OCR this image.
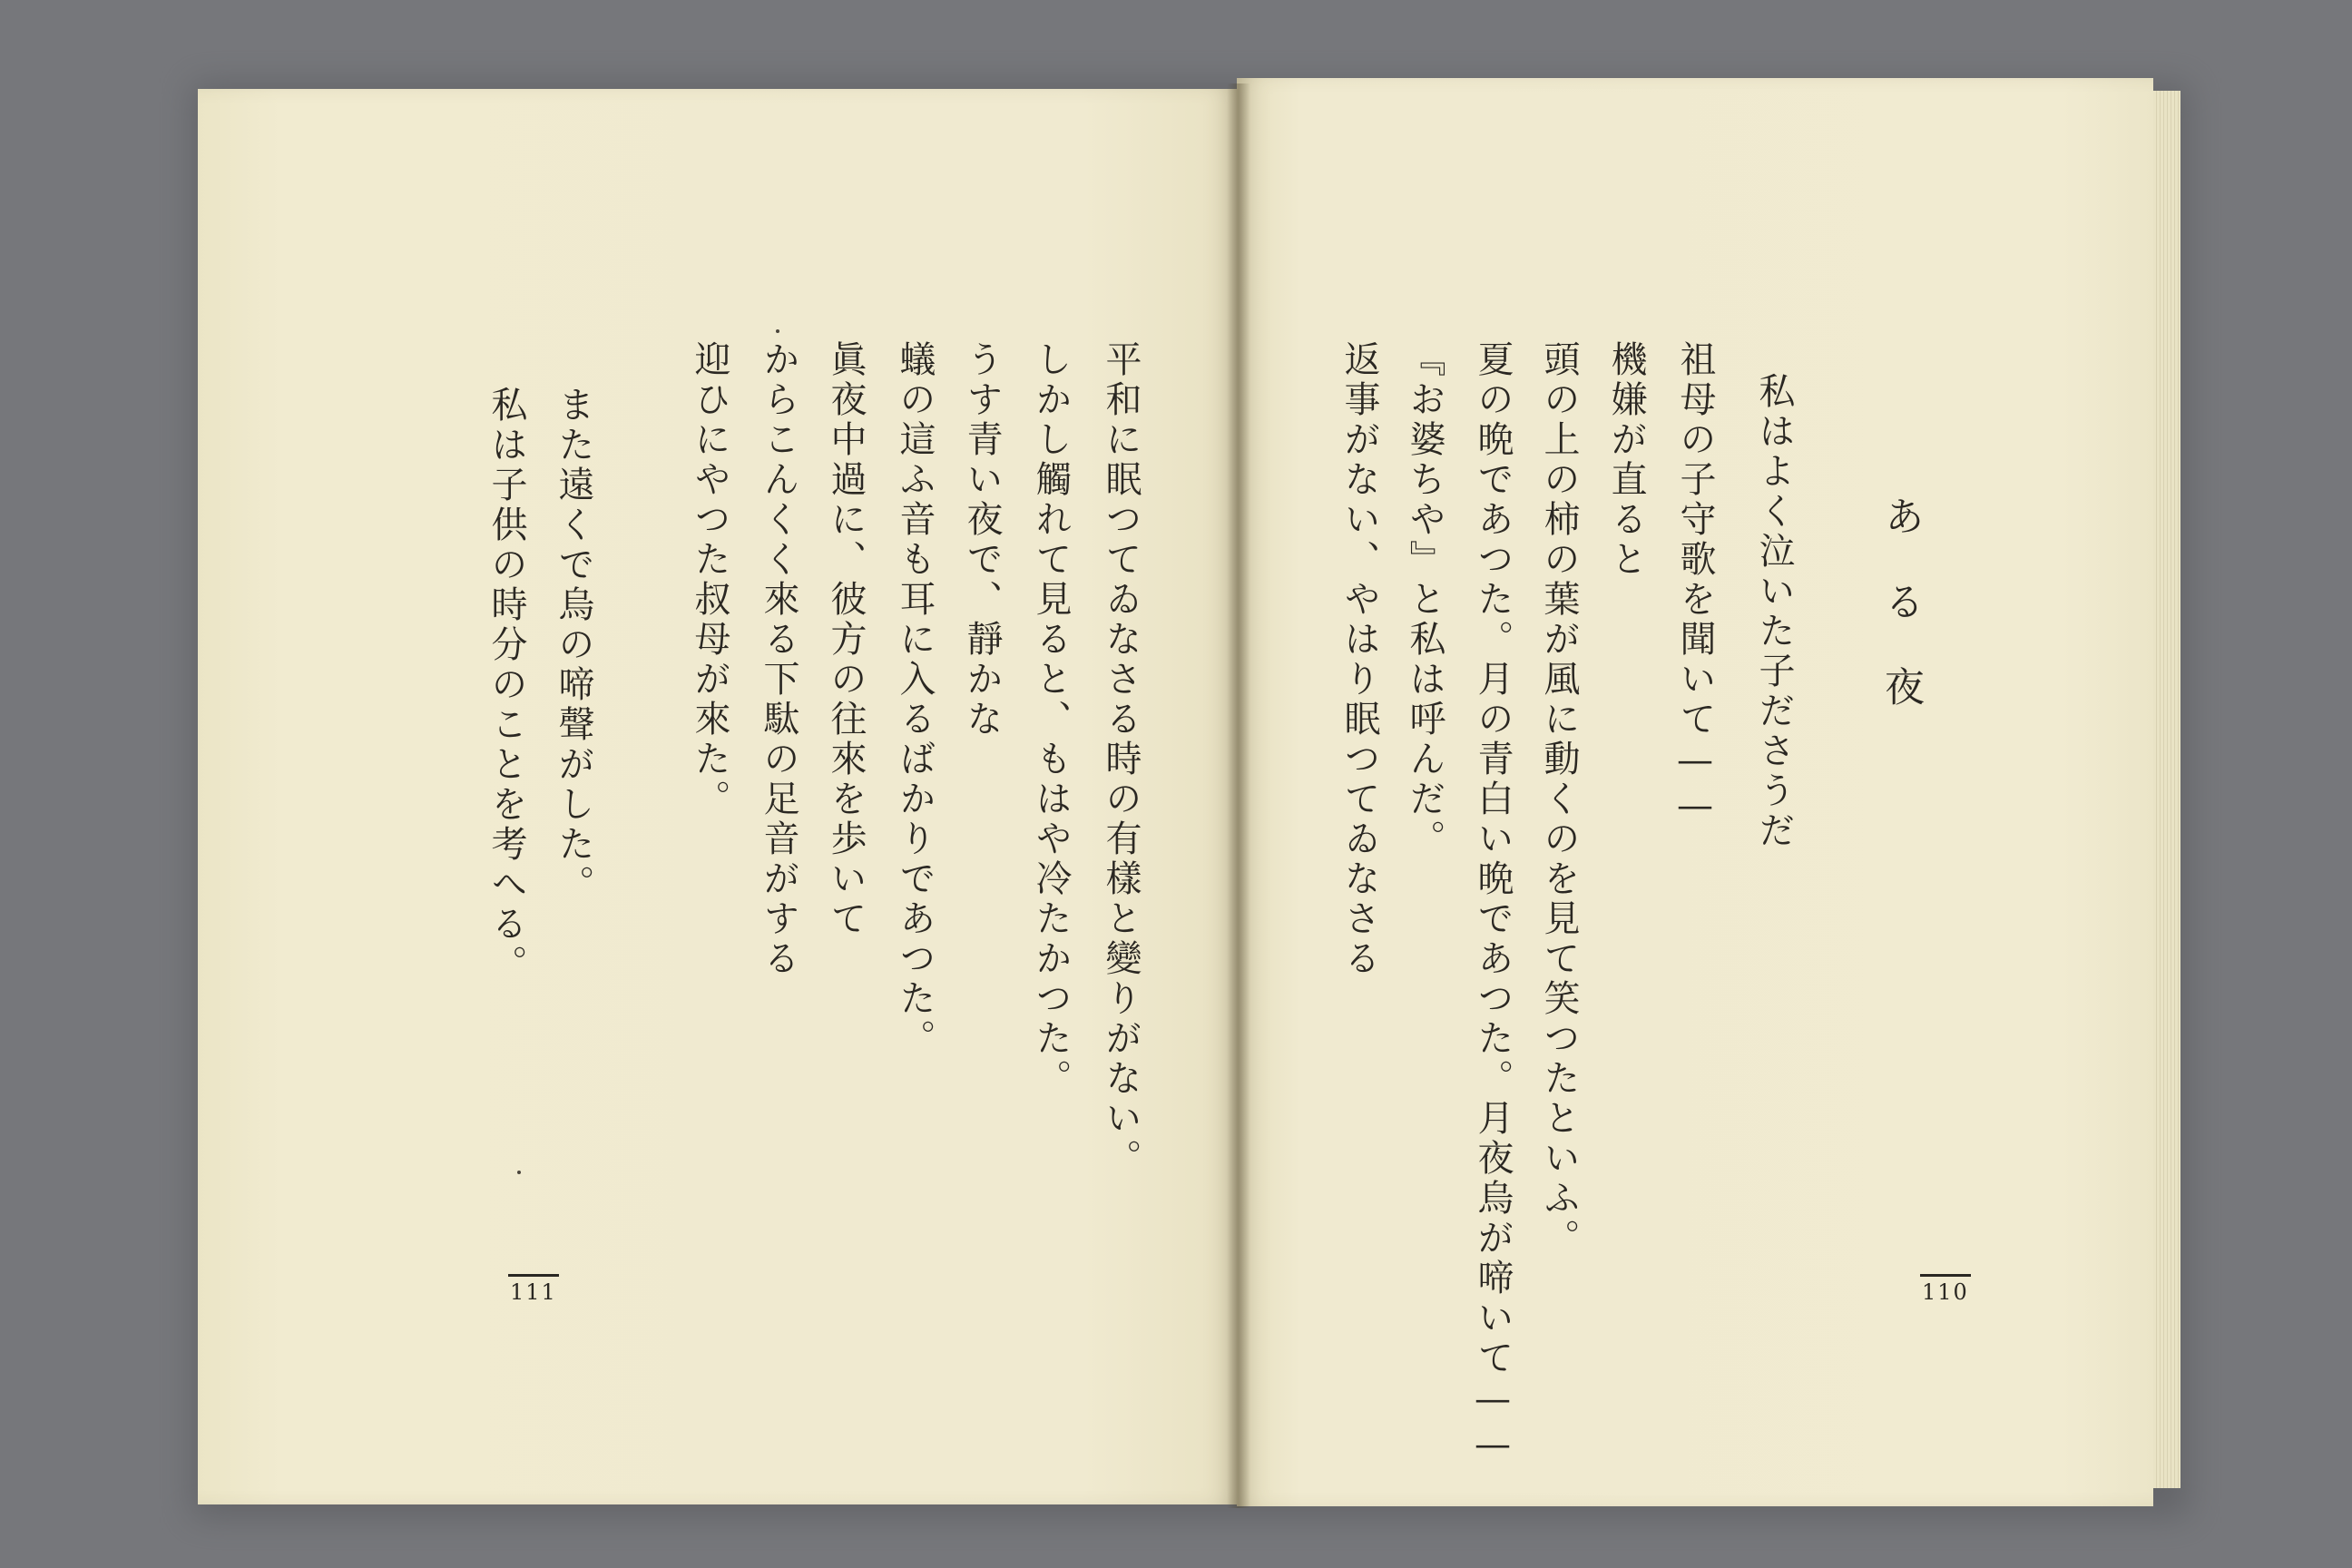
ある夜
私はよく泣いた子ださうだ
祖母の子守歌を聞いて——
機嫌が直ると
頭の上の柿の葉が風に動くのを見て笑つたといふ。
夏の晩であつた。月の青白い晩であつた。月夜烏が啼いて——
『お婆ちや』と私は呼んだ。
返事がない、やはり眠つてゐなさる
110
平和に眠つてゐなさる時の有樣と變りがない。
しかし觸れて見ると、もはや冷たかつた。
うす青い夜で、靜かな
蟻の這ふ音も耳に入るばかりであつた。
眞夜中過に、彼方の往來を歩いて
からこんくく來る下駄の足音がする
迎ひにやつた叔母が來た。
また遠くで烏の啼聲がした。
私は子供の時分のことを考へる。
111
